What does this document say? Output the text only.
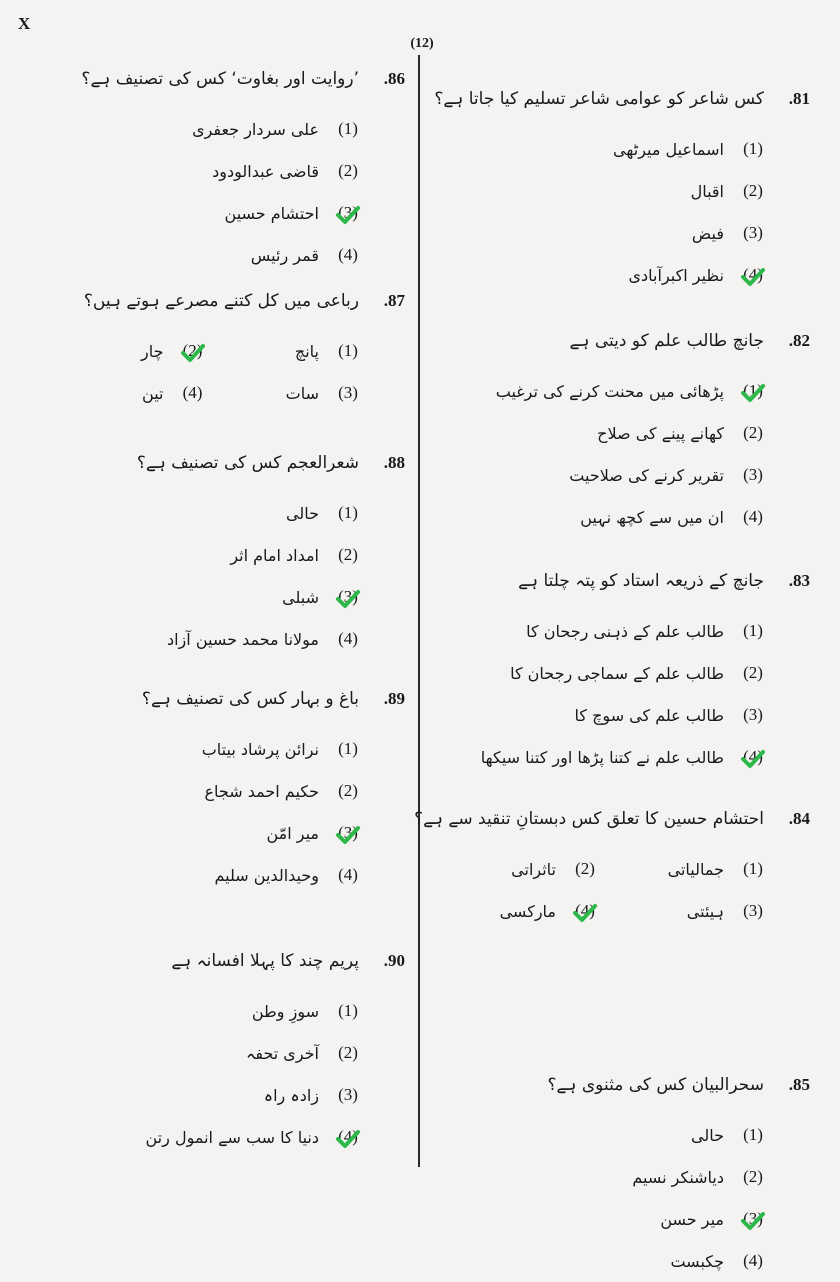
X
(12)
.86
’روایت اور بغاوت‘ کس کی تصنیف ہے؟
(1)
علی سردار جعفری
(2)
قاضی عبدالودود
(3)
احتشام حسین
(4)
قمر رئیس
.87
رباعی میں کل کتنے مصرعے ہوتے ہیں؟
(1)
پانچ
(2)
چار
(3)
سات
(4)
تین
.88
شعرالعجم کس کی تصنیف ہے؟
(1)
حالی
(2)
امداد امام اثر
(3)
شبلی
(4)
مولانا محمد حسین آزاد
.89
باغ و بہار کس کی تصنیف ہے؟
(1)
نرائن پرشاد بیتاب
(2)
حکیم احمد شجاع
(3)
میر امّن
(4)
وحیدالدین سلیم
.90
پریم چند کا پہلا افسانہ ہے
(1)
سوزِ وطن
(2)
آخری تحفہ
(3)
زادہ راہ
(4)
دنیا کا سب سے انمول رتن
.81
کس شاعر کو عوامی شاعر تسلیم کیا جاتا ہے؟
(1)
اسماعیل میرٹھی
(2)
اقبال
(3)
فیض
(4)
نظیر اکبرآبادی
.82
جانچ طالب علم کو دیتی ہے
(1)
پڑھائی میں محنت کرنے کی ترغیب
(2)
کھانے پینے کی صلاح
(3)
تقریر کرنے کی صلاحیت
(4)
ان میں سے کچھ نہیں
.83
جانچ کے ذریعہ استاد کو پتہ چلتا ہے
(1)
طالب علم کے ذہنی رجحان کا
(2)
طالب علم کے سماجی رجحان کا
(3)
طالب علم کی سوچ کا
(4)
طالب علم نے کتنا پڑھا اور کتنا سیکھا
.84
احتشام حسین کا تعلق کس دبستانِ تنقید سے ہے؟
(1)
جمالیاتی
(2)
تاثراتی
(3)
ہیئتی
(4)
مارکسی
.85
سحرالبیان کس کی مثنوی ہے؟
(1)
حالی
(2)
دیاشنکر نسیم
(3)
میر حسن
(4)
چکبست
